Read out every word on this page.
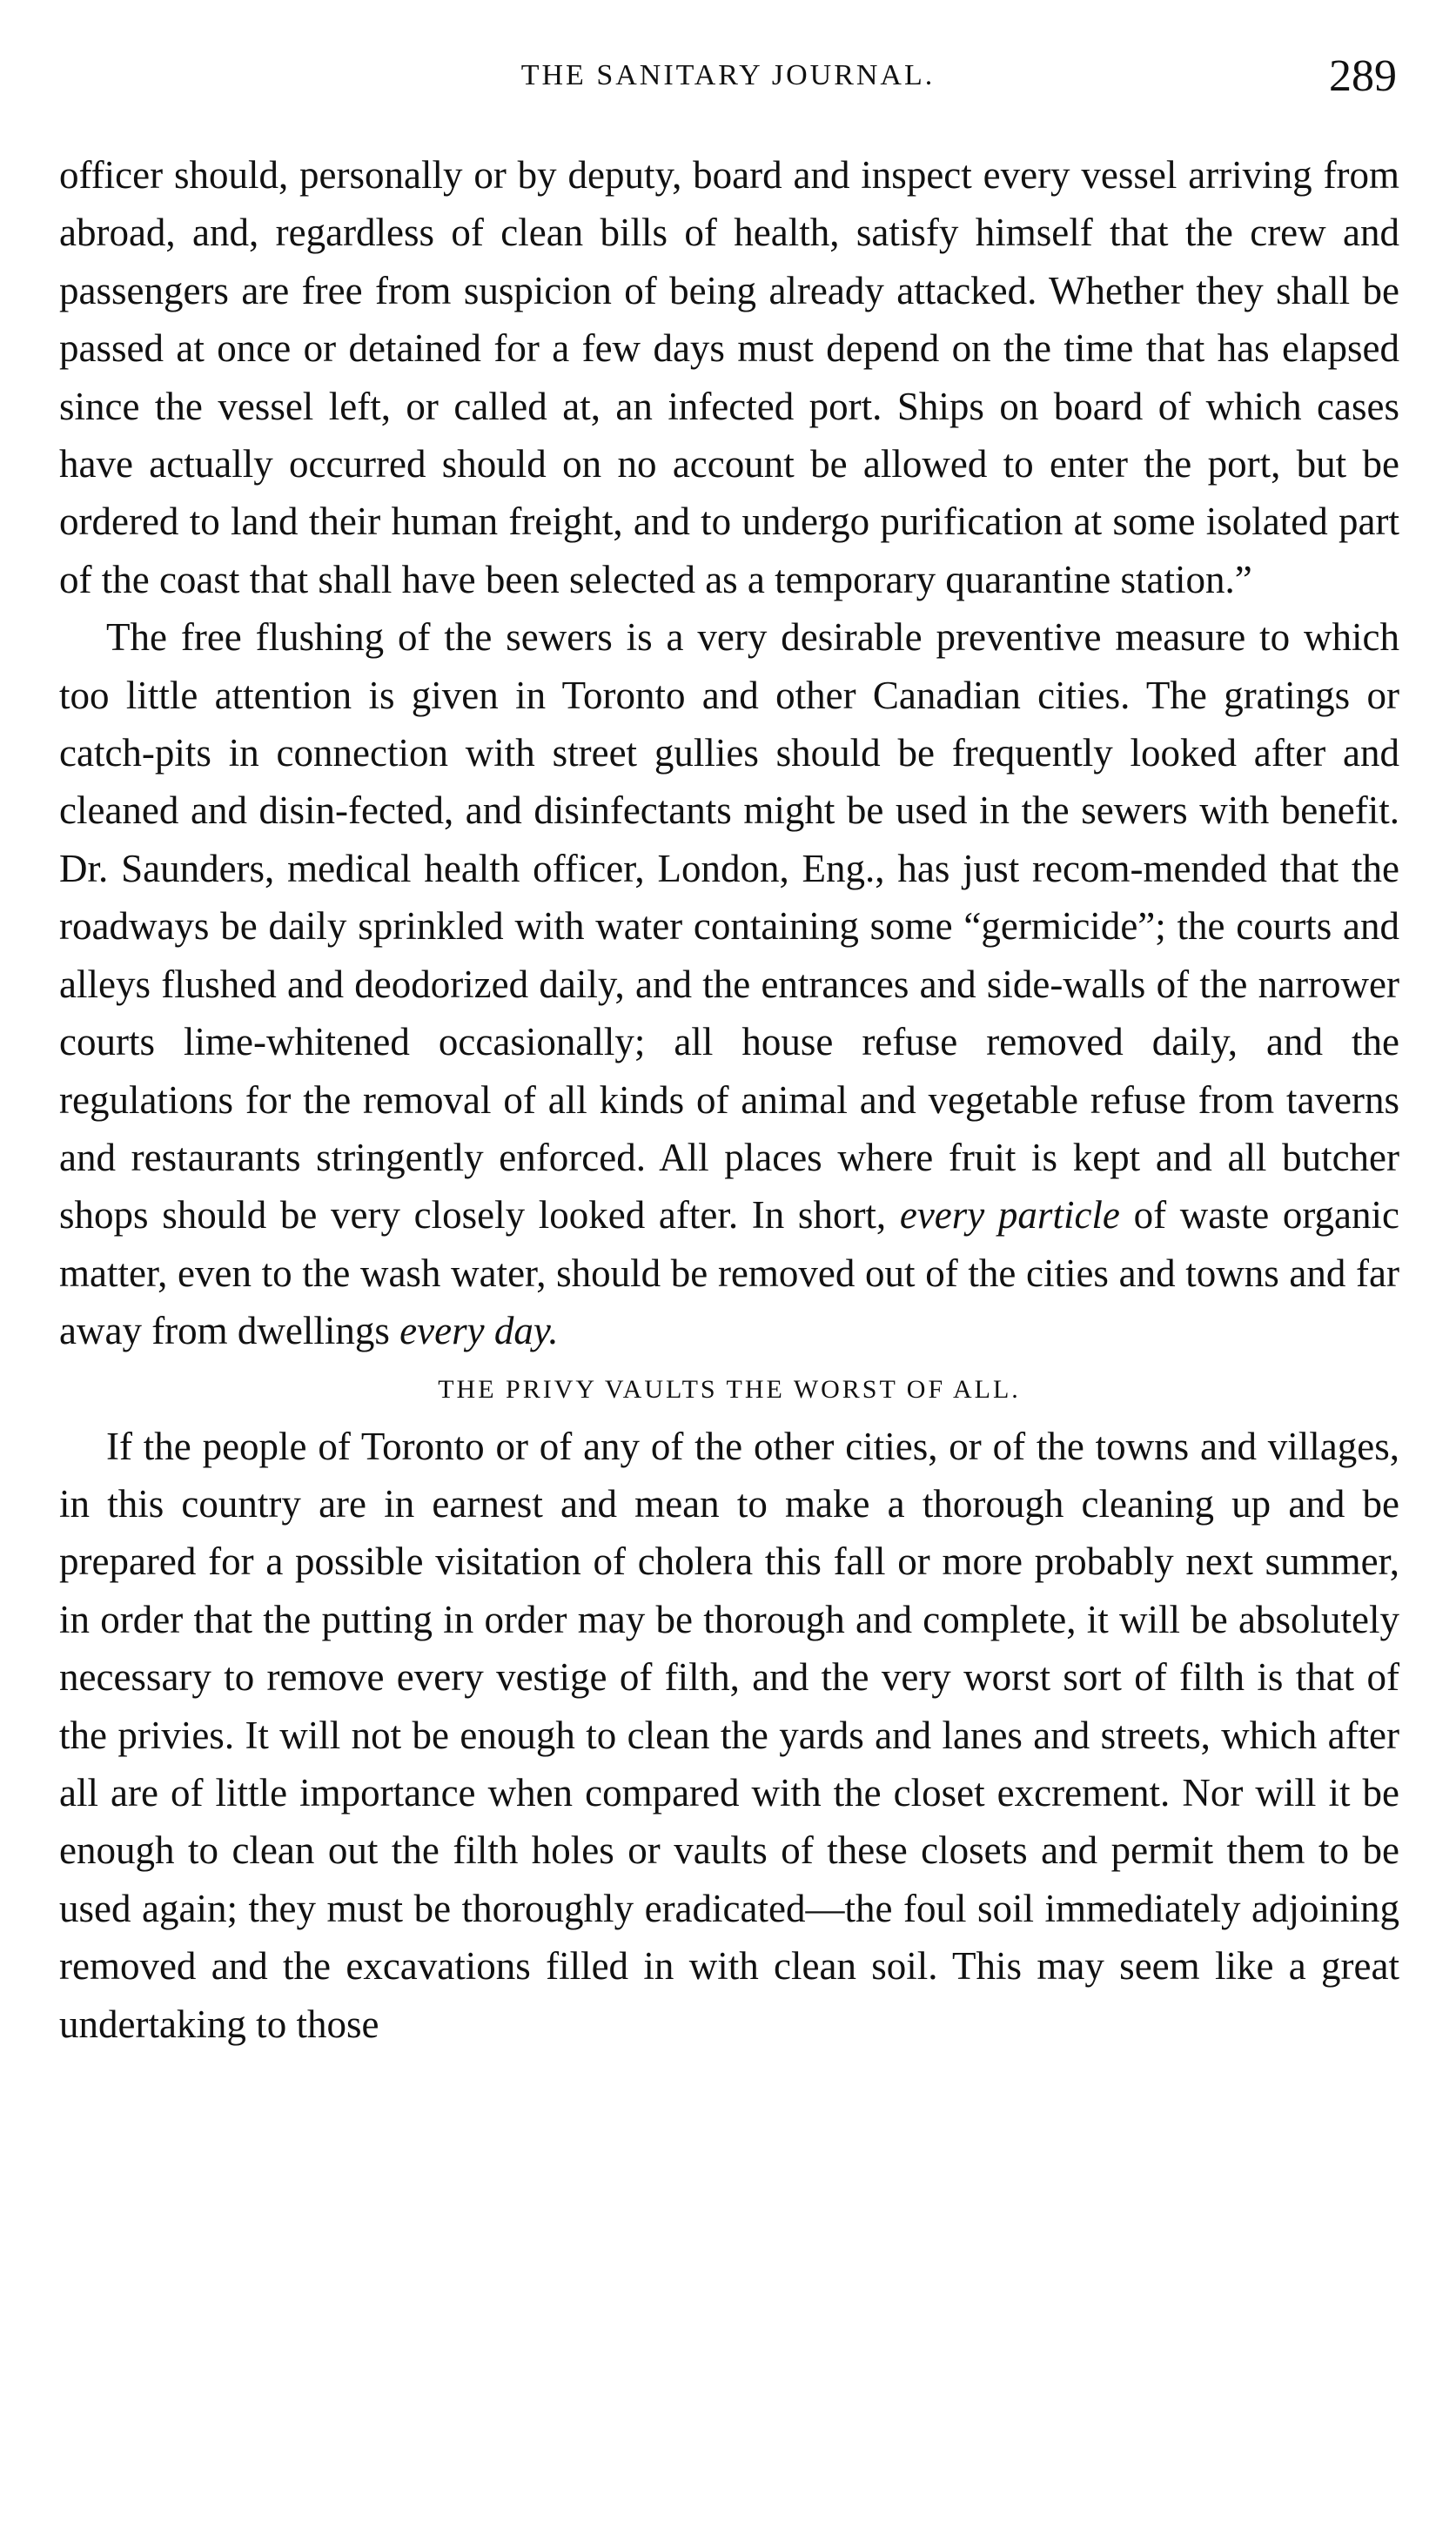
THE SANITARY JOURNAL.	289

officer should, personally or by deputy, board and inspect every vessel arriving from abroad, and, regardless of clean bills of health, satisfy himself that the crew and passengers are free from suspicion of being already attacked. Whether they shall be passed at once or detained for a few days must depend on the time that has elapsed since the vessel left, or called at, an infected port. Ships on board of which cases have actually occurred should on no account be allowed to enter the port, but be ordered to land their human freight, and to undergo purification at some isolated part of the coast that shall have been selected as a temporary quarantine station.”

The free flushing of the sewers is a very desirable preventive measure to which too little attention is given in Toronto and other Canadian cities. The gratings or catch-pits in connection with street gullies should be frequently looked after and cleaned and disin-fected, and disinfectants might be used in the sewers with benefit. Dr. Saunders, medical health officer, London, Eng., has just recom-mended that the roadways be daily sprinkled with water containing some “germicide”; the courts and alleys flushed and deodorized daily, and the entrances and side-walls of the narrower courts lime-whitened occasionally; all house refuse removed daily, and the regulations for the removal of all kinds of animal and vegetable refuse from taverns and restaurants stringently enforced. All places where fruit is kept and all butcher shops should be very closely looked after. In short, every particle of waste organic matter, even to the wash water, should be removed out of the cities and towns and far away from dwellings every day.

THE PRIVY VAULTS THE WORST OF ALL.

If the people of Toronto or of any of the other cities, or of the towns and villages, in this country are in earnest and mean to make a thorough cleaning up and be prepared for a possible visitation of cholera this fall or more probably next summer, in order that the putting in order may be thorough and complete, it will be absolutely necessary to remove every vestige of filth, and the very worst sort of filth is that of the privies. It will not be enough to clean the yards and lanes and streets, which after all are of little importance when compared with the closet excrement. Nor will it be enough to clean out the filth holes or vaults of these closets and permit them to be used again; they must be thoroughly eradicated—the foul soil immediately adjoining removed and the excavations filled in with clean soil. This may seem like a great undertaking to those
